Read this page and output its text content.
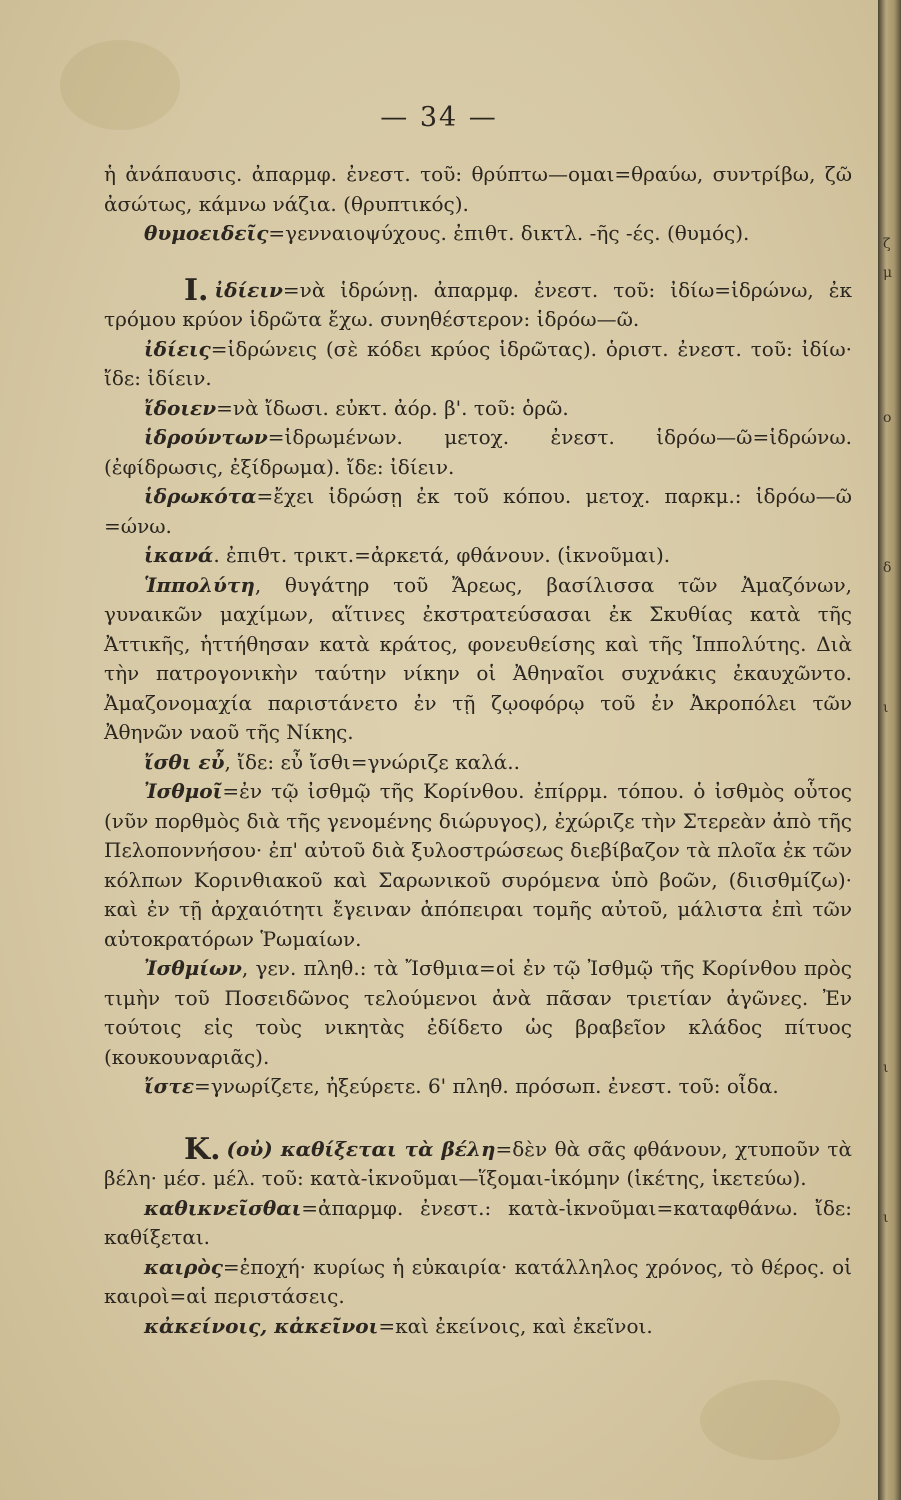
— 34 —

ἡ ἀνάπαυσις. ἀπαρμφ. ἐνεστ. τοῦ: θρύπτω—ομαι=θραύω, συντρίβω, ζῶ ἀσώτως, κάμνω νάζια. (θρυπτικός).

θυμοειδεῖς=γενναιοψύχους. ἐπιθτ. δικτλ. -ῆς -ές. (θυμός).

I. ἰδίειν=νὰ ἱδρώνῃ. ἀπαρμφ. ἐνεστ. τοῦ: ἰδίω=ἱδρώνω, ἐκ τρόμου κρύον ἱδρῶτα ἔχω. συνηθέστερον: ἱδρόω—ῶ.

ἰδίεις=ἱδρώνεις (σὲ κόδει κρύος ἱδρῶτας). ὁριστ. ἐνεστ. τοῦ: ἰδίω· ἴδε: ἰδίειν.

ἴδοιεν=νὰ ἴδωσι. εὐκτ. ἀόρ. β'. τοῦ: ὁρῶ.

ἱδρούντων=ἱδρωμένων. μετοχ. ἐνεστ. ἱδρόω—ῶ=ἱδρώνω. (ἐφίδρωσις, ἐξίδρωμα). ἴδε: ἰδίειν.

ἱδρωκότα=ἔχει ἱδρώσῃ ἐκ τοῦ κόπου. μετοχ. παρκμ.: ἱδρόω—ῶ =ώνω.

ἱκανά. ἐπιθτ. τρικτ.=ἀρκετά, φθάνουν. (ἱκνοῦμαι).

Ἱππολύτη, θυγάτηρ τοῦ Ἄρεως, βασίλισσα τῶν Ἀμαζόνων, γυναικῶν μαχίμων, αἵτινες ἐκστρατεύσασαι ἐκ Σκυθίας κατὰ τῆς Ἀττικῆς, ἡττήθησαν κατὰ κράτος, φονευθείσης καὶ τῆς Ἱππολύτης. Διὰ τὴν πατρογονικὴν ταύτην νίκην οἱ Ἀθηναῖοι συχνάκις ἐκαυχῶντο. Ἀμαζονομαχία παριστάνετο ἐν τῇ ζῳοφόρῳ τοῦ ἐν Ἀκροπόλει τῶν Ἀθηνῶν ναοῦ τῆς Νίκης.

ἴσθι εὖ, ἴδε: εὖ ἴσθι=γνώριζε καλά..

Ἰσθμοῖ=ἐν τῷ ἰσθμῷ τῆς Κορίνθου. ἐπίρρμ. τόπου. ὁ ἰσθμὸς οὗτος (νῦν πορθμὸς διὰ τῆς γενομένης διώρυγος), ἐχώριζε τὴν Στερεὰν ἀπὸ τῆς Πελοποννήσου· ἐπ' αὐτοῦ διὰ ξυλοστρώσεως διεβίβαζον τὰ πλοῖα ἐκ τῶν κόλπων Κορινθιακοῦ καὶ Σαρωνικοῦ συρόμενα ὑπὸ βοῶν, (διισθμίζω)· καὶ ἐν τῇ ἀρχαιότητι ἔγειναν ἀπόπειραι τομῆς αὐτοῦ, μάλιστα ἐπὶ τῶν αὐτοκρατόρων Ῥωμαίων.

Ἰσθμίων, γεν. πληθ.: τὰ Ἴσθμια=οἱ ἐν τῷ Ἰσθμῷ τῆς Κορίνθου πρὸς τιμὴν τοῦ Ποσειδῶνος τελούμενοι ἀνὰ πᾶσαν τριετίαν ἀγῶνες. Ἐν τούτοις εἰς τοὺς νικητὰς ἐδίδετο ὡς βραβεῖον κλάδος πίτυος (κουκουναριᾶς).

ἴστε=γνωρίζετε, ἠξεύρετε. 6' πληθ. πρόσωπ. ἐνεστ. τοῦ: οἶδα.

Κ. (οὐ) καθίξεται τὰ βέλη=δὲν θὰ σᾶς φθάνουν, χτυποῦν τὰ βέλη· μέσ. μέλ. τοῦ: κατὰ-ἱκνοῦμαι—ἵξομαι-ἱκόμην (ἱκέτης, ἱκετεύω).

καθικνεῖσθαι=ἀπαρμφ. ἐνεστ.: κατὰ-ἱκνοῦμαι=καταφθάνω. ἴδε: καθίξεται.

καιρὸς=ἐποχή· κυρίως ἡ εὐκαιρία· κατάλληλος χρόνος, τὸ θέρος. οἱ καιροὶ=αἱ περιστάσεις.

κἀκείνοις, κἀκεῖνοι=καὶ ἐκείνοις, καὶ ἐκεῖνοι.

ζ
μ
ο
δ
ι
ι
ι
